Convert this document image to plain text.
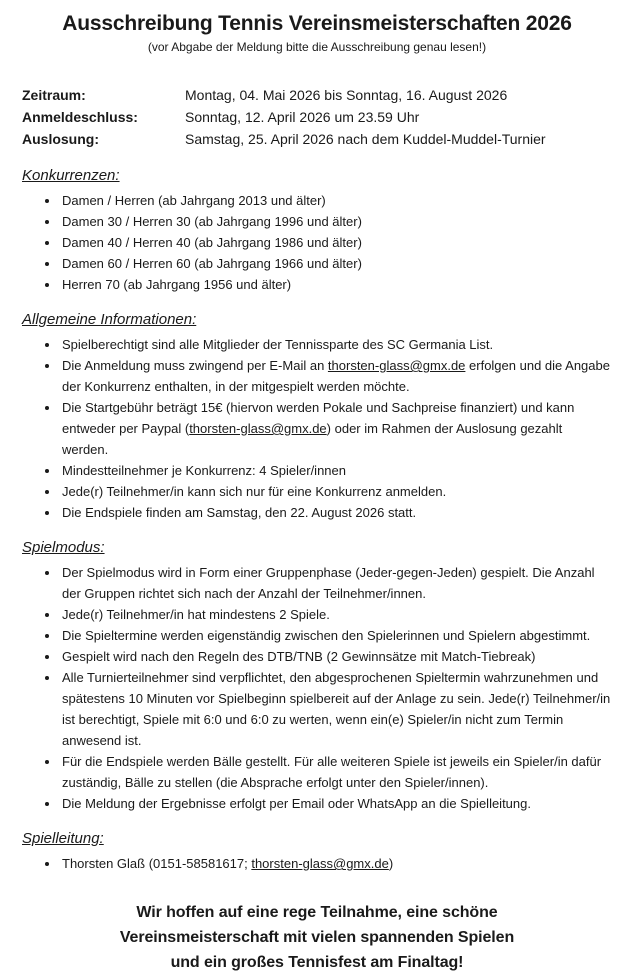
Ausschreibung Tennis Vereinsmeisterschaften 2026
(vor Abgabe der Meldung bitte die Ausschreibung genau lesen!)
Zeitraum:	Montag, 04. Mai 2026 bis Sonntag, 16. August 2026
Anmeldeschluss:	Sonntag, 12. April 2026 um 23.59 Uhr
Auslosung:	Samstag, 25. April 2026 nach dem Kuddel-Muddel-Turnier
Konkurrenzen:
• Damen / Herren (ab Jahrgang 2013 und älter)
• Damen 30 / Herren 30 (ab Jahrgang 1996 und älter)
• Damen 40 / Herren 40 (ab Jahrgang 1986 und älter)
• Damen 60 / Herren 60 (ab Jahrgang 1966 und älter)
• Herren 70 (ab Jahrgang 1956 und älter)
Allgemeine Informationen:
• Spielberechtigt sind alle Mitglieder der Tennissparte des SC Germania List.
• Die Anmeldung muss zwingend per E-Mail an thorsten-glass@gmx.de erfolgen und die Angabe der Konkurrenz enthalten, in der mitgespielt werden möchte.
• Die Startgebühr beträgt 15€ (hiervon werden Pokale und Sachpreise finanziert) und kann entweder per Paypal (thorsten-glass@gmx.de) oder im Rahmen der Auslosung gezahlt werden.
• Mindestteilnehmer je Konkurrenz: 4 Spieler/innen
• Jede(r) Teilnehmer/in kann sich nur für eine Konkurrenz anmelden.
• Die Endspiele finden am Samstag, den 22. August 2026 statt.
Spielmodus:
• Der Spielmodus wird in Form einer Gruppenphase (Jeder-gegen-Jeden) gespielt. Die Anzahl der Gruppen richtet sich nach der Anzahl der Teilnehmer/innen.
• Jede(r) Teilnehmer/in hat mindestens 2 Spiele.
• Die Spieltermine werden eigenständig zwischen den Spielerinnen und Spielern abgestimmt.
• Gespielt wird nach den Regeln des DTB/TNB (2 Gewinnsätze mit Match-Tiebreak)
• Alle Turnierteilnehmer sind verpflichtet, den abgesprochenen Spieltermin wahrzunehmen und spätestens 10 Minuten vor Spielbeginn spielbereit auf der Anlage zu sein. Jede(r) Teilnehmer/in ist berechtigt, Spiele mit 6:0 und 6:0 zu werten, wenn ein(e) Spieler/in nicht zum Termin anwesend ist.
• Für die Endspiele werden Bälle gestellt. Für alle weiteren Spiele ist jeweils ein Spieler/in dafür zuständig, Bälle zu stellen (die Absprache erfolgt unter den Spieler/innen).
• Die Meldung der Ergebnisse erfolgt per Email oder WhatsApp an die Spielleitung.
Spielleitung:
• Thorsten Glaß (0151-58581617; thorsten-glass@gmx.de)
Wir hoffen auf eine rege Teilnahme, eine schöne
Vereinsmeisterschaft mit vielen spannenden Spielen
und ein großes Tennisfest am Finaltag!
